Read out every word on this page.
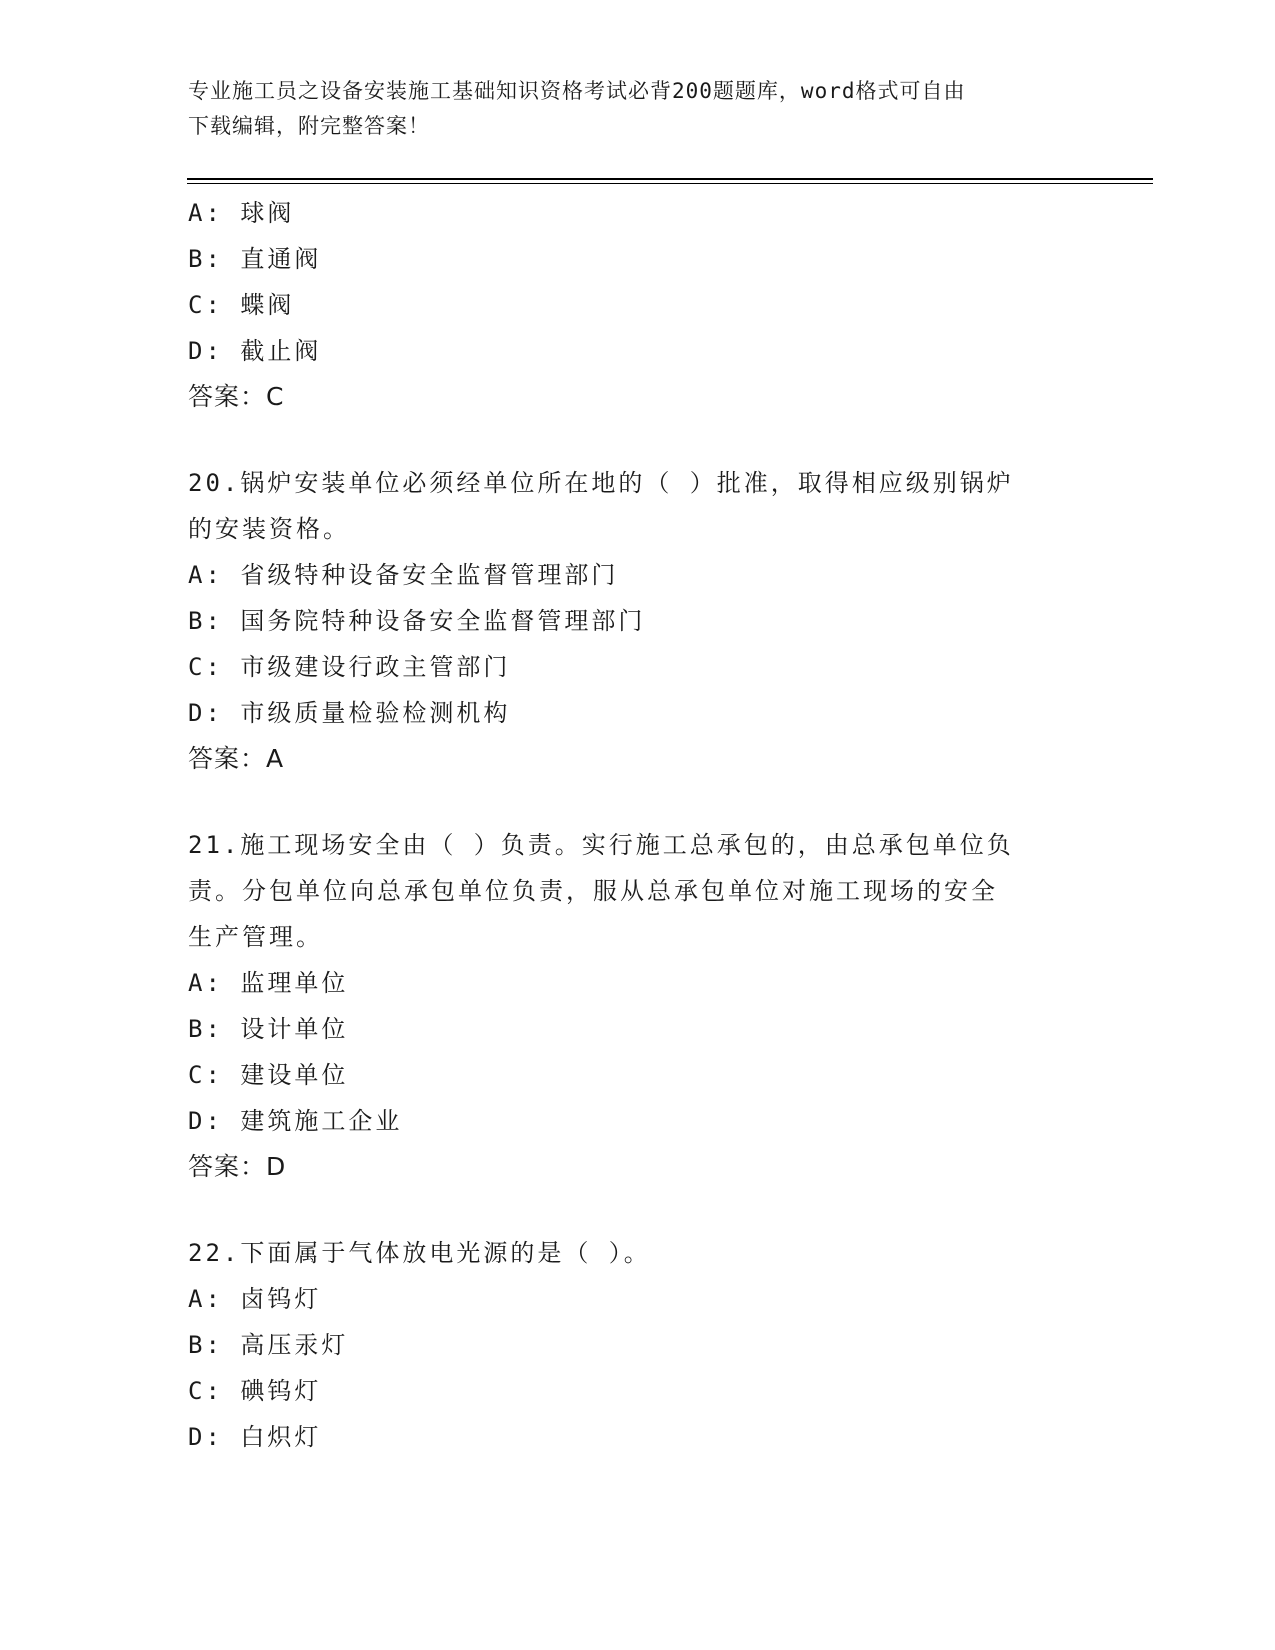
专业施工员之设备安装施工基础知识资格考试必背200题题库，word格式可自由
下载编辑，附完整答案！
A: 球阀
B: 直通阀
C: 蝶阀
D: 截止阀
答案：C
20.锅炉安装单位必须经单位所在地的（ ）批准，取得相应级别锅炉
的安装资格。
A: 省级特种设备安全监督管理部门
B: 国务院特种设备安全监督管理部门
C: 市级建设行政主管部门
D: 市级质量检验检测机构
答案：A
21.施工现场安全由（ ）负责。实行施工总承包的，由总承包单位负
责。分包单位向总承包单位负责，服从总承包单位对施工现场的安全
生产管理。
A: 监理单位
B: 设计单位
C: 建设单位
D: 建筑施工企业
答案：D
22.下面属于气体放电光源的是（ ）。
A: 卤钨灯
B: 高压汞灯
C: 碘钨灯
D: 白炽灯
